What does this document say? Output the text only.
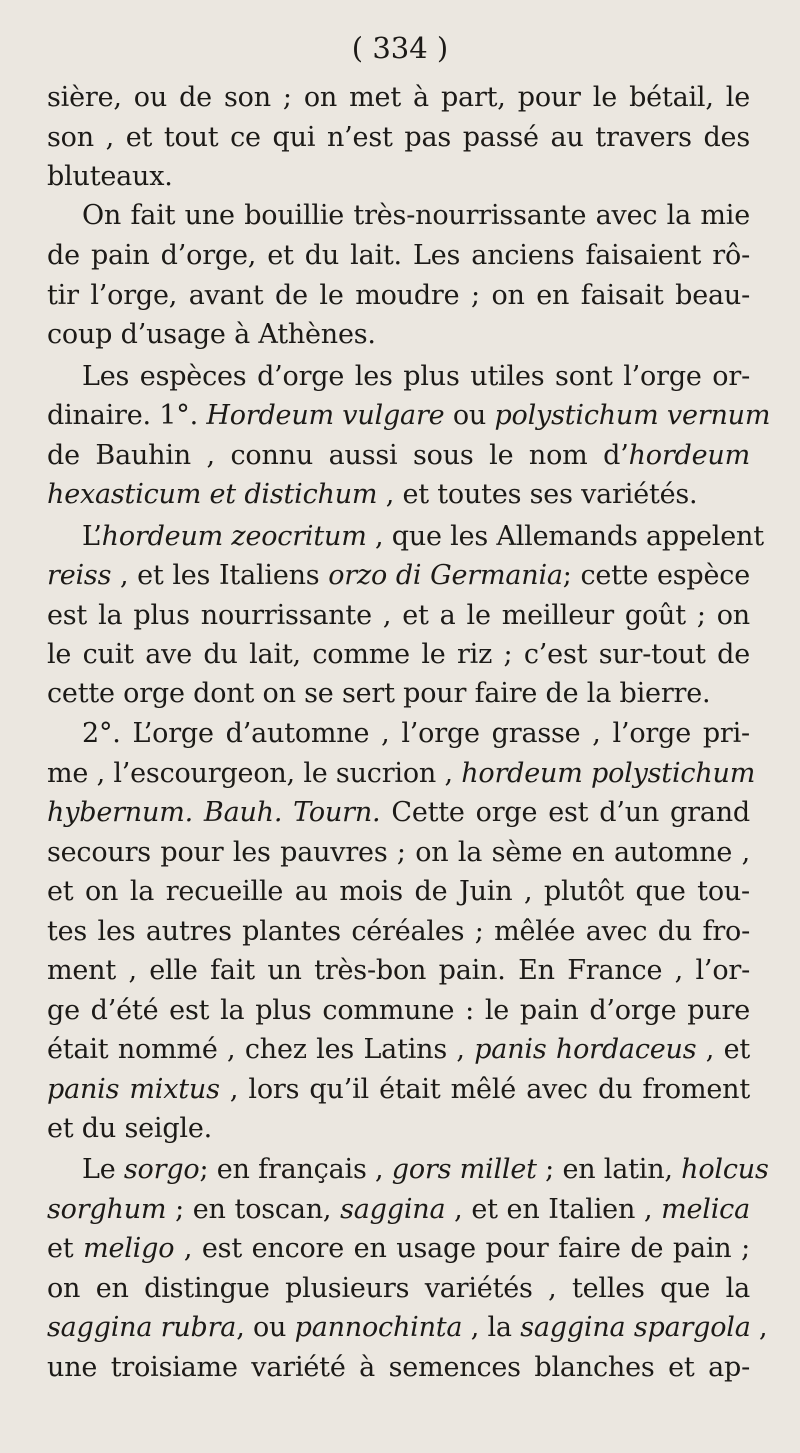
( 334 )
sière, ou de son ; on met à part, pour le bétail, le
son , et tout ce qui n’est pas passé au travers des
bluteaux.
On fait une bouillie très-nourrissante avec la mie
de pain d’orge, et du lait. Les anciens faisaient rô-
tir l’orge, avant de le moudre ; on en faisait beau-
coup d’usage à Athènes.
Les espèces d’orge les plus utiles sont l’orge or-
dinaire. 1°. Hordeum vulgare ou polystichum vernum
de Bauhin , connu aussi sous le nom d’hordeum
hexasticum et distichum , et toutes ses variétés.
L’hordeum zeocritum , que les Allemands appelent
reiss , et les Italiens orzo di Germania; cette espèce
est la plus nourrissante , et a le meilleur goût ; on
le cuit ave du lait, comme le riz ; c’est sur-tout de
cette orge dont on se sert pour faire de la bierre.
2°. L’orge d’automne , l’orge grasse , l’orge pri-
me , l’escourgeon, le sucrion , hordeum polystichum
hybernum. Bauh. Tourn. Cette orge est d’un grand
secours pour les pauvres ; on la sème en automne ,
et on la recueille au mois de Juin , plutôt que tou-
tes les autres plantes céréales ; mêlée avec du fro-
ment , elle fait un très-bon pain. En France , l’or-
ge d’été est la plus commune : le pain d’orge pure
était nommé , chez les Latins , panis hordaceus , et
panis mixtus , lors qu’il était mêlé avec du froment
et du seigle.
Le sorgo; en français , gors millet ; en latin, holcus
sorghum ; en toscan, saggina , et en Italien , melica
et meligo , est encore en usage pour faire de pain ;
on en distingue plusieurs variétés , telles que la
saggina rubra, ou pannochinta , la saggina spargola ,
une troisiame variété à semences blanches et ap-
